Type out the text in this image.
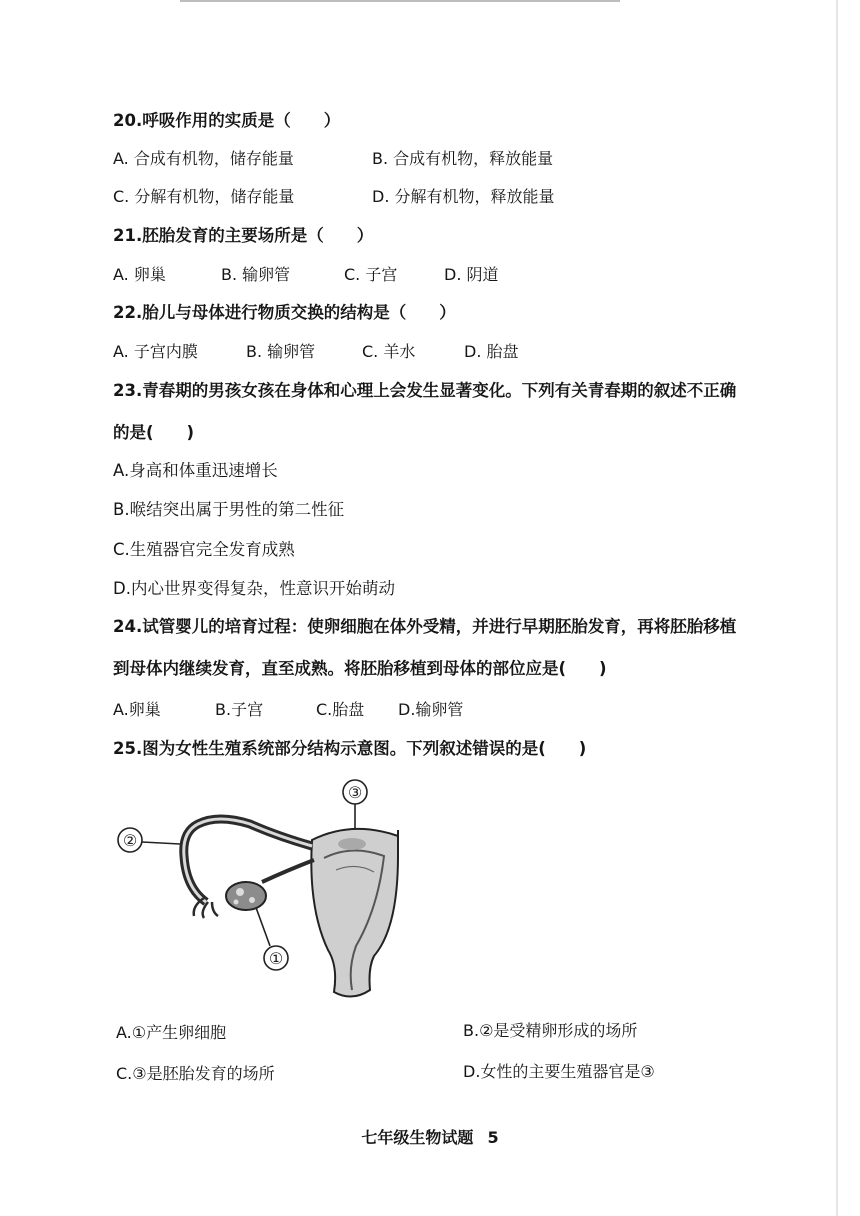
20.呼吸作用的实质是（　　）
A. 合成有机物，储存能量	B. 合成有机物，释放能量
C. 分解有机物，储存能量	D. 分解有机物，释放能量
21.胚胎发育的主要场所是（　　）
A. 卵巢	B. 输卵管	C. 子宫	D. 阴道
22.胎儿与母体进行物质交换的结构是（　　）
A. 子宫内膜	B. 输卵管	C. 羊水	D. 胎盘
23.青春期的男孩女孩在身体和心理上会发生显著变化。下列有关青春期的叙述不正确
的是(　　)
A.身高和体重迅速增长
B.喉结突出属于男性的第二性征
C.生殖器官完全发育成熟
D.内心世界变得复杂，性意识开始萌动
24.试管婴儿的培育过程：使卵细胞在体外受精，并进行早期胚胎发育，再将胚胎移植
到母体内继续发育，直至成熟。将胚胎移植到母体的部位应是(　　)
A.卵巢	B.子宫	C.胎盘 D.输卵管
25.图为女性生殖系统部分结构示意图。下列叙述错误的是(　　)
③
②
①
A.①产生卵细胞	B.②是受精卵形成的场所
C.③是胚胎发育的场所	D.女性的主要生殖器官是③
七年级生物试题 5
